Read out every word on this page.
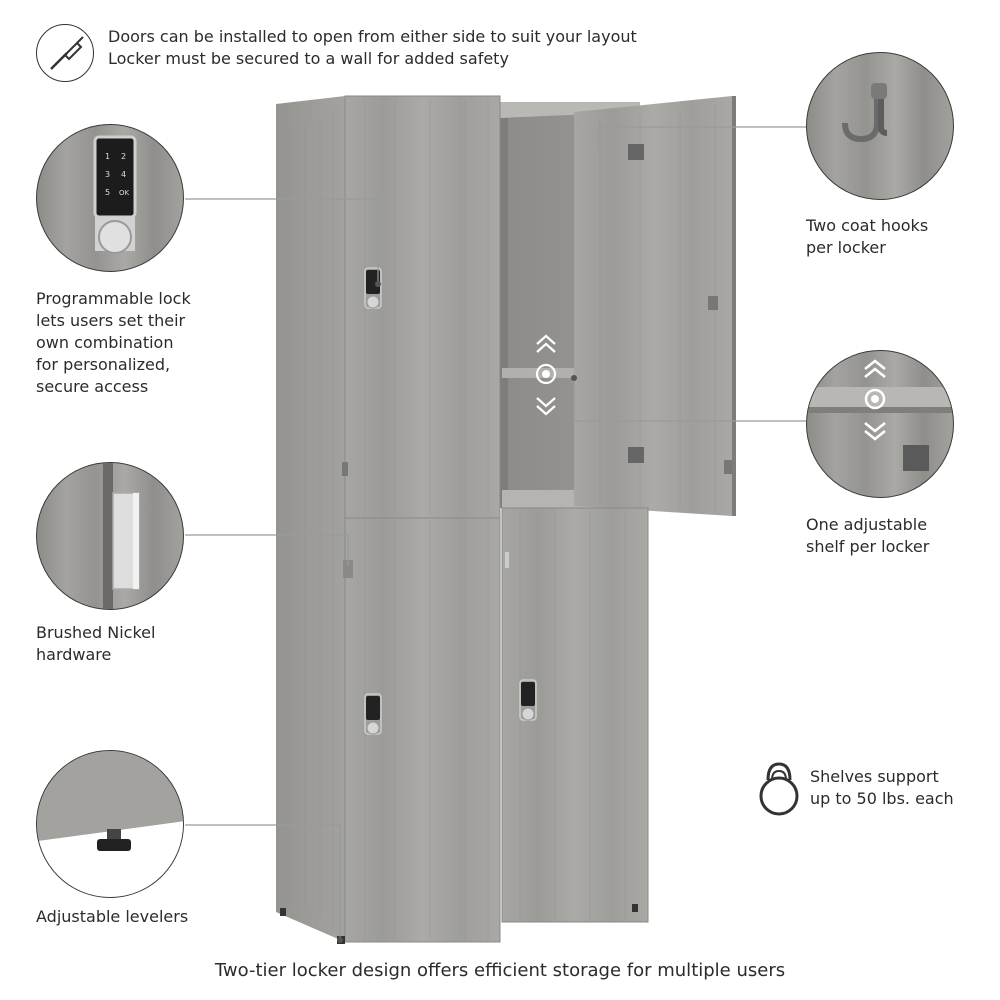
Doors can be installed to open from either side to suit your layout
Locker must be secured to a wall for added safety
1 2
3 4
5 OK
Programmable lock
lets users set their
own combination
for personalized,
secure access
Brushed Nickel
hardware
Adjustable levelers
Two coat hooks
per locker
One adjustable
shelf per locker
Shelves support
up to 50 lbs. each
Two-tier locker design offers efficient storage for multiple users
